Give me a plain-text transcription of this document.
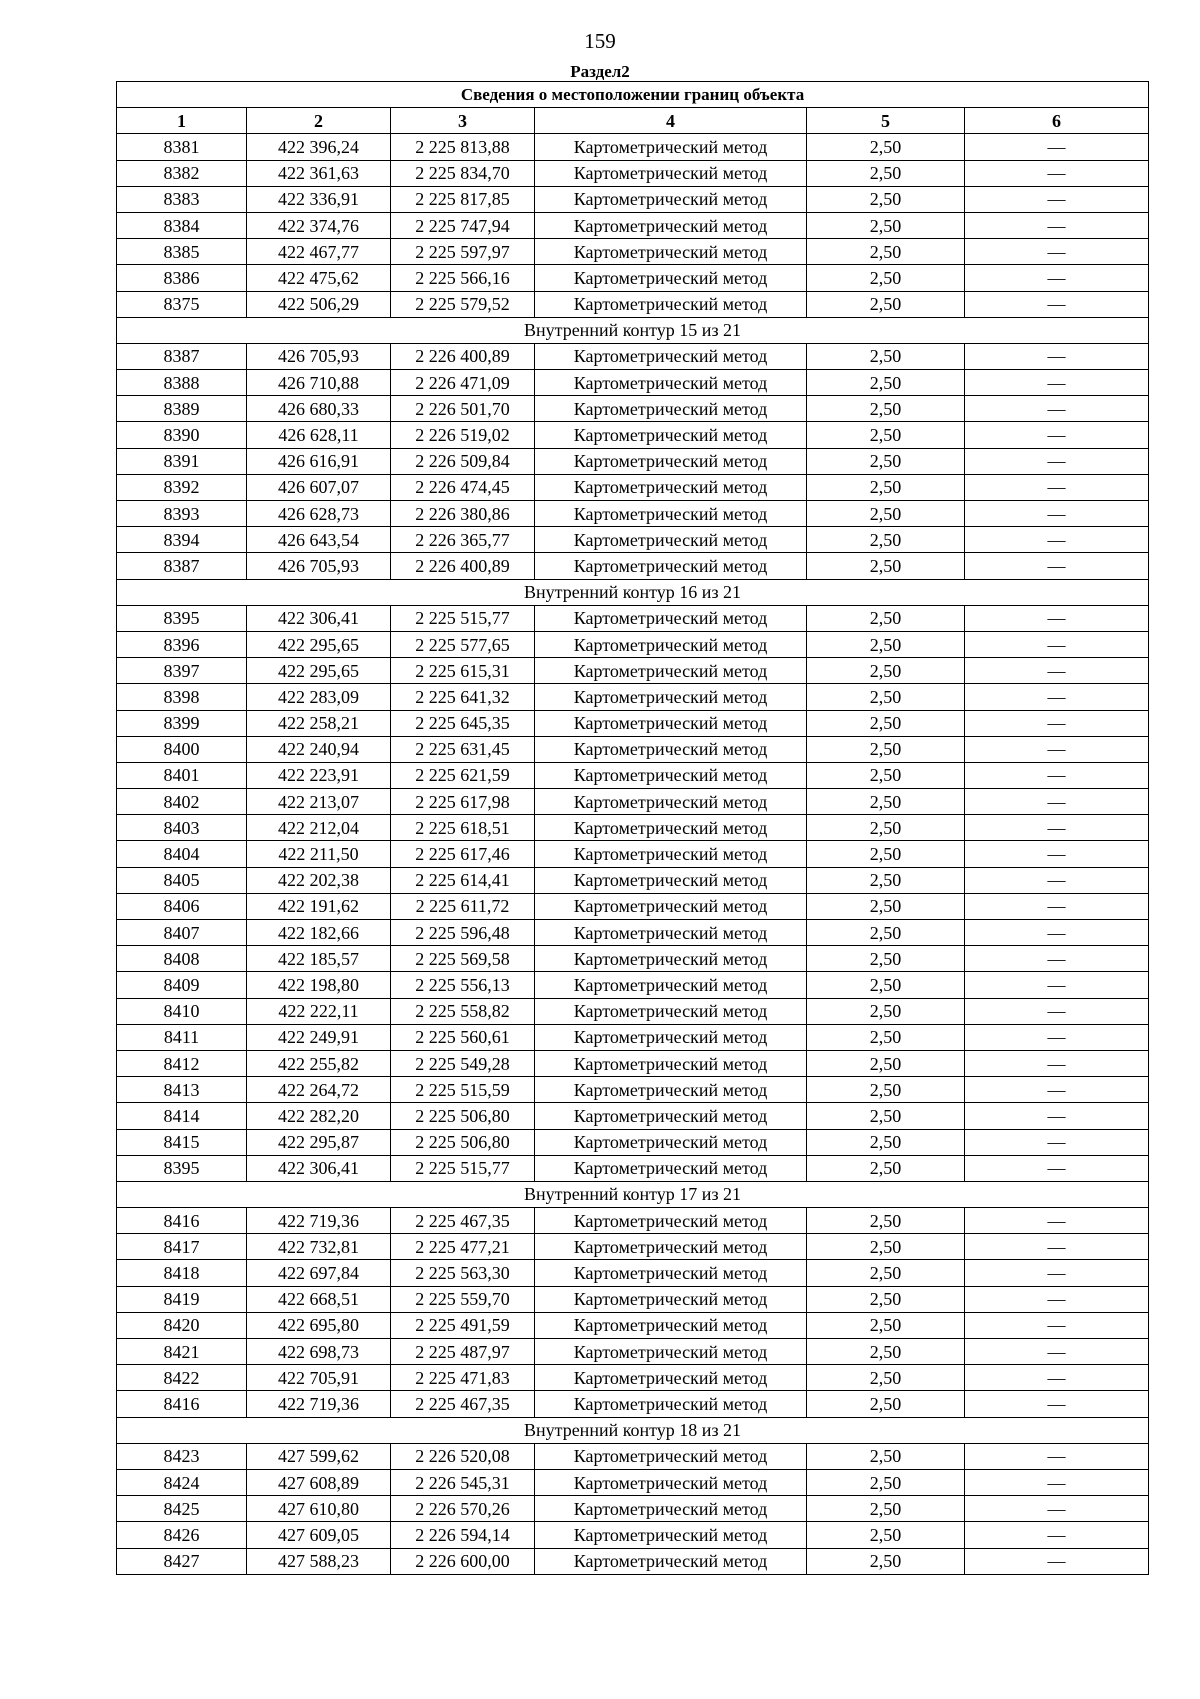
159
Раздел2
Сведения о местоположении границ объекта					
1	2	3	4	5	6
8381	422 396,24	2 225 813,88	Картометрический метод	2,50	—
8382	422 361,63	2 225 834,70	Картометрический метод	2,50	—
8383	422 336,91	2 225 817,85	Картометрический метод	2,50	—
8384	422 374,76	2 225 747,94	Картометрический метод	2,50	—
8385	422 467,77	2 225 597,97	Картометрический метод	2,50	—
8386	422 475,62	2 225 566,16	Картометрический метод	2,50	—
8375	422 506,29	2 225 579,52	Картометрический метод	2,50	—
Внутренний контур 15 из 21					
8387	426 705,93	2 226 400,89	Картометрический метод	2,50	—
8388	426 710,88	2 226 471,09	Картометрический метод	2,50	—
8389	426 680,33	2 226 501,70	Картометрический метод	2,50	—
8390	426 628,11	2 226 519,02	Картометрический метод	2,50	—
8391	426 616,91	2 226 509,84	Картометрический метод	2,50	—
8392	426 607,07	2 226 474,45	Картометрический метод	2,50	—
8393	426 628,73	2 226 380,86	Картометрический метод	2,50	—
8394	426 643,54	2 226 365,77	Картометрический метод	2,50	—
8387	426 705,93	2 226 400,89	Картометрический метод	2,50	—
Внутренний контур 16 из 21					
8395	422 306,41	2 225 515,77	Картометрический метод	2,50	—
8396	422 295,65	2 225 577,65	Картометрический метод	2,50	—
8397	422 295,65	2 225 615,31	Картометрический метод	2,50	—
8398	422 283,09	2 225 641,32	Картометрический метод	2,50	—
8399	422 258,21	2 225 645,35	Картометрический метод	2,50	—
8400	422 240,94	2 225 631,45	Картометрический метод	2,50	—
8401	422 223,91	2 225 621,59	Картометрический метод	2,50	—
8402	422 213,07	2 225 617,98	Картометрический метод	2,50	—
8403	422 212,04	2 225 618,51	Картометрический метод	2,50	—
8404	422 211,50	2 225 617,46	Картометрический метод	2,50	—
8405	422 202,38	2 225 614,41	Картометрический метод	2,50	—
8406	422 191,62	2 225 611,72	Картометрический метод	2,50	—
8407	422 182,66	2 225 596,48	Картометрический метод	2,50	—
8408	422 185,57	2 225 569,58	Картометрический метод	2,50	—
8409	422 198,80	2 225 556,13	Картометрический метод	2,50	—
8410	422 222,11	2 225 558,82	Картометрический метод	2,50	—
8411	422 249,91	2 225 560,61	Картометрический метод	2,50	—
8412	422 255,82	2 225 549,28	Картометрический метод	2,50	—
8413	422 264,72	2 225 515,59	Картометрический метод	2,50	—
8414	422 282,20	2 225 506,80	Картометрический метод	2,50	—
8415	422 295,87	2 225 506,80	Картометрический метод	2,50	—
8395	422 306,41	2 225 515,77	Картометрический метод	2,50	—
Внутренний контур 17 из 21					
8416	422 719,36	2 225 467,35	Картометрический метод	2,50	—
8417	422 732,81	2 225 477,21	Картометрический метод	2,50	—
8418	422 697,84	2 225 563,30	Картометрический метод	2,50	—
8419	422 668,51	2 225 559,70	Картометрический метод	2,50	—
8420	422 695,80	2 225 491,59	Картометрический метод	2,50	—
8421	422 698,73	2 225 487,97	Картометрический метод	2,50	—
8422	422 705,91	2 225 471,83	Картометрический метод	2,50	—
8416	422 719,36	2 225 467,35	Картометрический метод	2,50	—
Внутренний контур 18 из 21					
8423	427 599,62	2 226 520,08	Картометрический метод	2,50	—
8424	427 608,89	2 226 545,31	Картометрический метод	2,50	—
8425	427 610,80	2 226 570,26	Картометрический метод	2,50	—
8426	427 609,05	2 226 594,14	Картометрический метод	2,50	—
8427	427 588,23	2 226 600,00	Картометрический метод	2,50	—
